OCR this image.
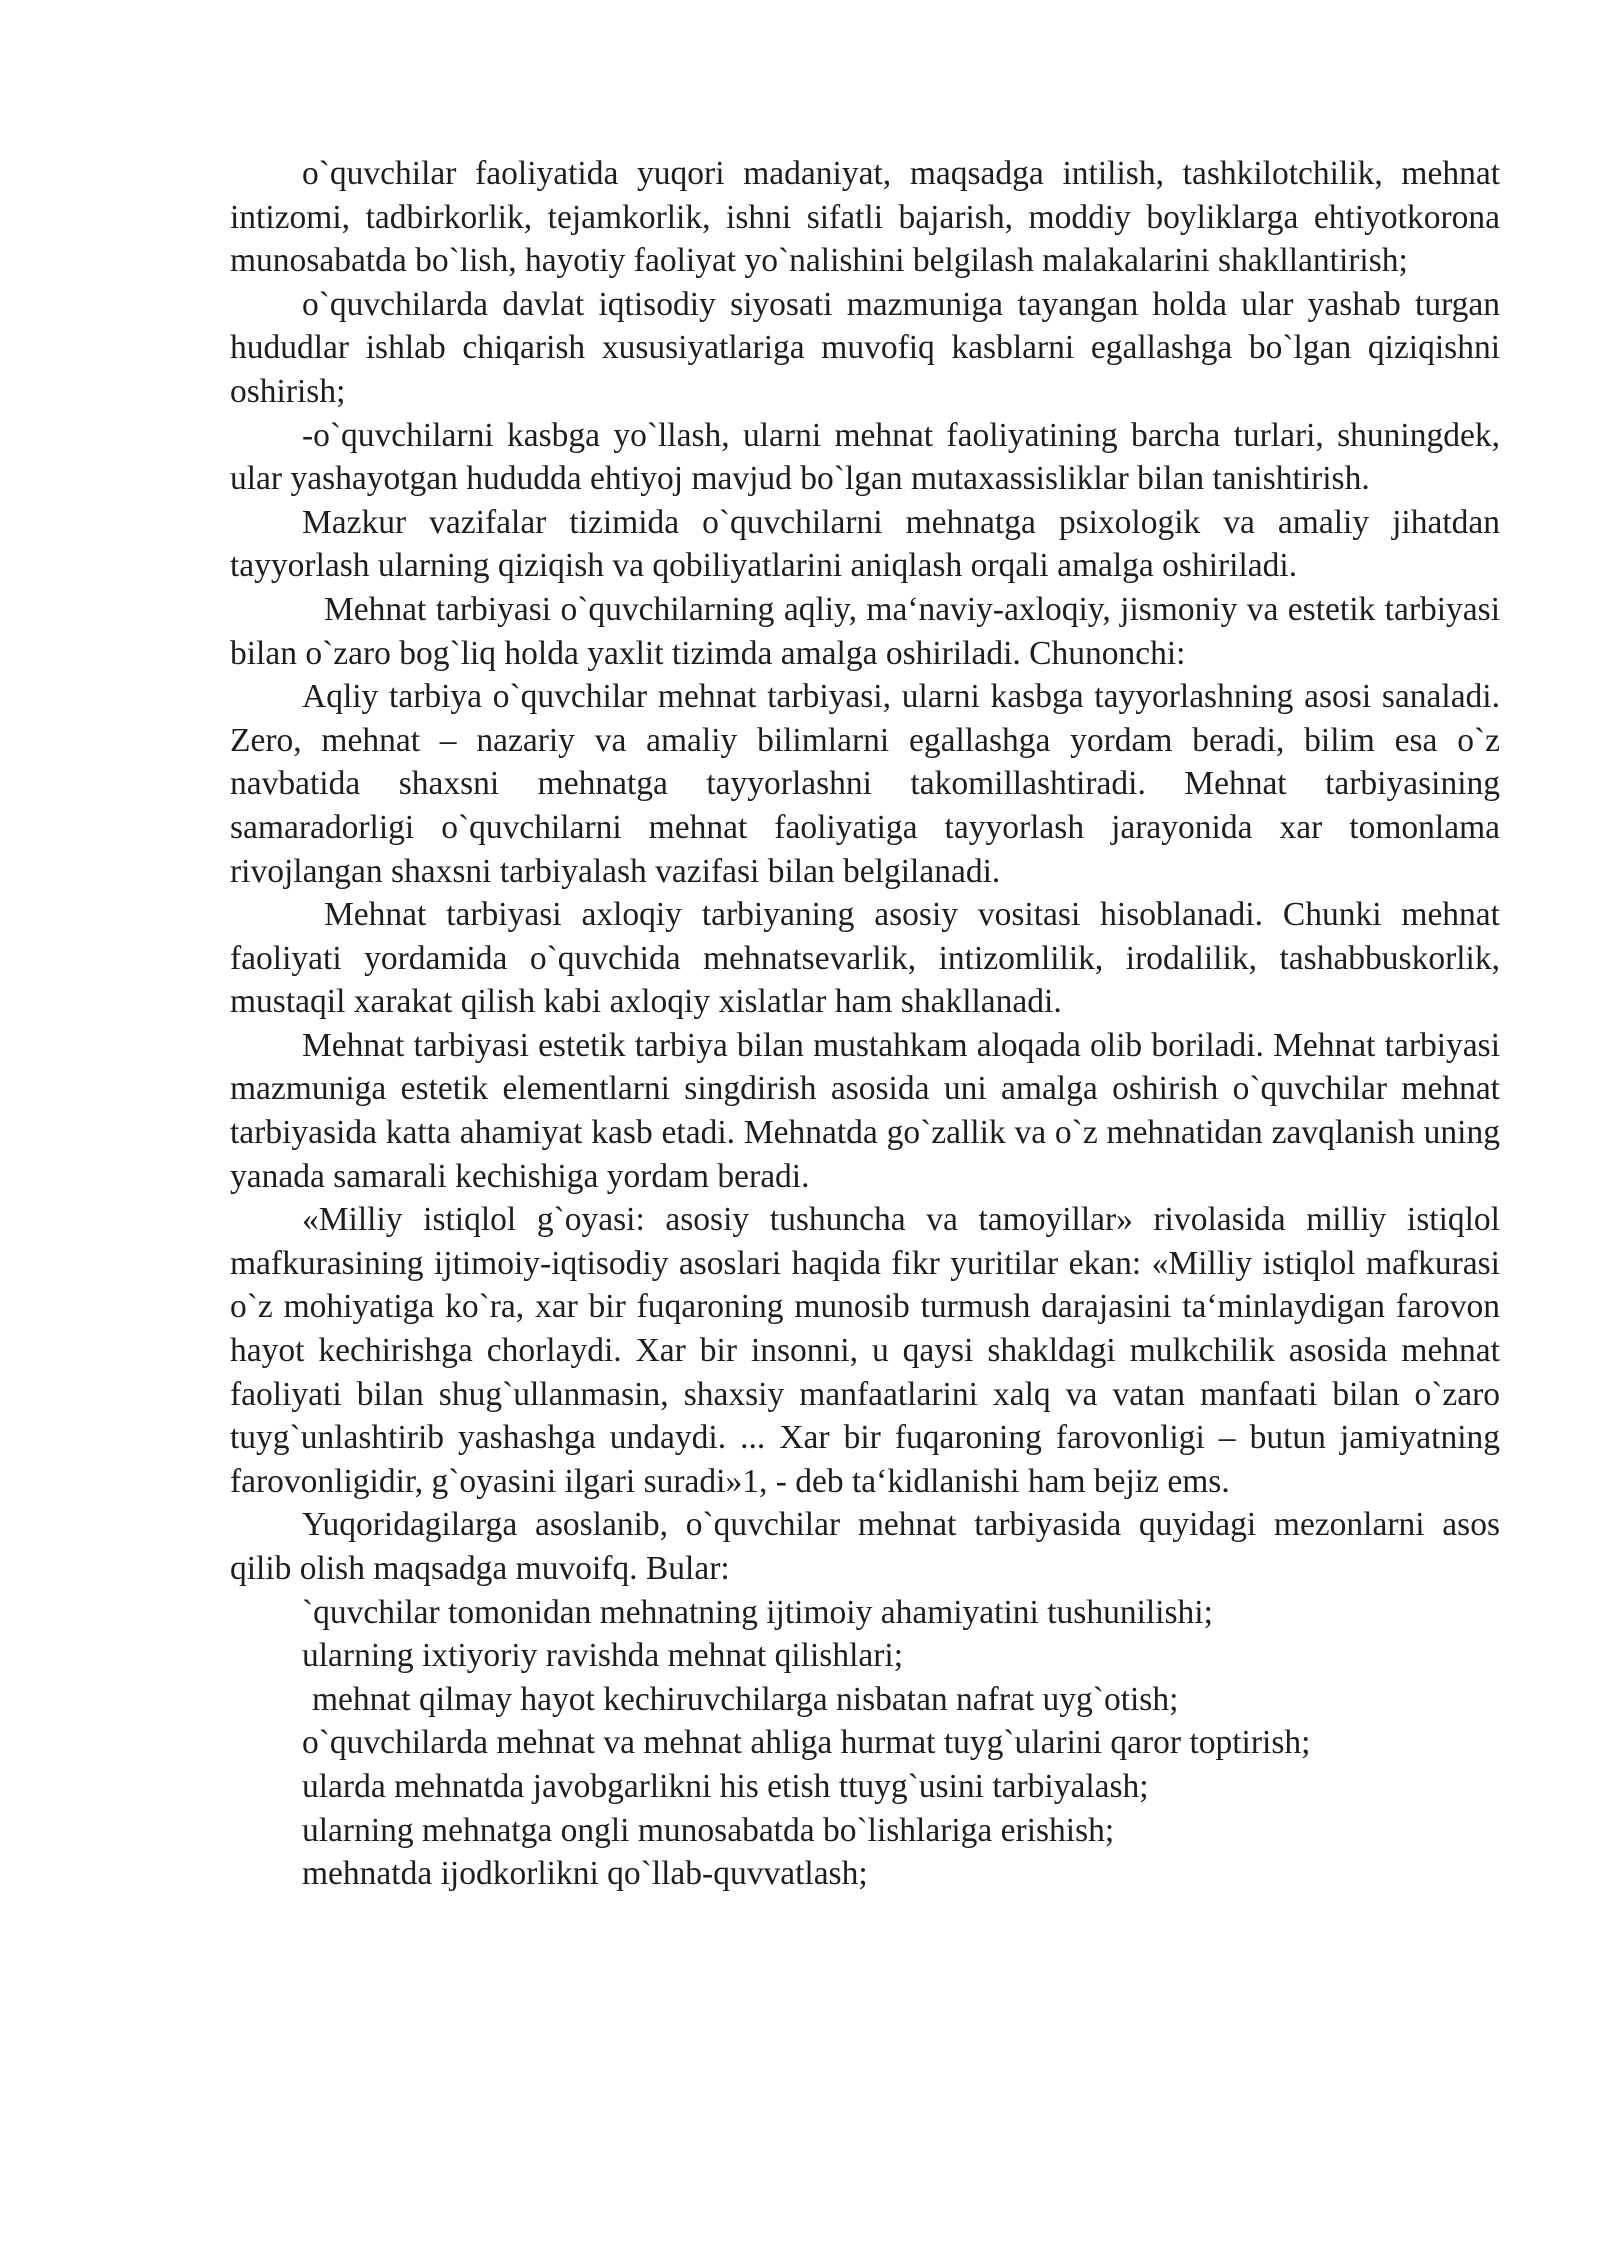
o`quvchilar faoliyatida yuqori madaniyat, maqsadga intilish, tashkilotchilik, mehnat intizomi, tadbirkorlik, tejamkorlik, ishni sifatli bajarish, moddiy boyliklarga ehtiyotkorona munosabatda bo`lish, hayotiy faoliyat yo`nalishini belgilash malakalarini shakllantirish;

o`quvchilarda davlat iqtisodiy siyosati mazmuniga tayangan holda ular yashab turgan hududlar ishlab chiqarish xususiyatlariga muvofiq kasblarni egallashga bo`lgan qiziqishni oshirish;

-o`quvchilarni kasbga yo`llash, ularni mehnat faoliyatining barcha turlari, shuningdek, ular yashayotgan hududda ehtiyoj mavjud bo`lgan mutaxassisliklar bilan tanishtirish.

Mazkur vazifalar tizimida o`quvchilarni mehnatga psixologik va amaliy jihatdan tayyorlash ularning qiziqish va qobiliyatlarini aniqlash orqali amalga oshiriladi.

Mehnat tarbiyasi o`quvchilarning aqliy, ma‘naviy-axloqiy, jismoniy va estetik tarbiyasi bilan o`zaro bog`liq holda yaxlit tizimda amalga oshiriladi. Chunonchi:

Aqliy tarbiya o`quvchilar mehnat tarbiyasi, ularni kasbga tayyorlashning asosi sanaladi. Zero, mehnat – nazariy va amaliy bilimlarni egallashga yordam beradi, bilim esa o`z navbatida shaxsni mehnatga tayyorlashni takomillashtiradi. Mehnat tarbiyasining samaradorligi o`quvchilarni mehnat faoliyatiga tayyorlash jarayonida xar tomonlama rivojlangan shaxsni tarbiyalash vazifasi bilan belgilanadi.

Mehnat tarbiyasi axloqiy tarbiyaning asosiy vositasi hisoblanadi. Chunki mehnat faoliyati yordamida o`quvchida mehnatsevarlik, intizomlilik, irodalilik, tashabbuskorlik, mustaqil xarakat qilish kabi axloqiy xislatlar ham shakllanadi.

Mehnat tarbiyasi estetik tarbiya bilan mustahkam aloqada olib boriladi. Mehnat tarbiyasi mazmuniga estetik elementlarni singdirish asosida uni amalga oshirish o`quvchilar mehnat tarbiyasida katta ahamiyat kasb etadi. Mehnatda go`zallik va o`z mehnatidan zavqlanish uning yanada samarali kechishiga yordam beradi.

«Milliy istiqlol g`oyasi: asosiy tushuncha va tamoyillar» rivolasida milliy istiqlol mafkurasining ijtimoiy-iqtisodiy asoslari haqida fikr yuritilar ekan: «Milliy istiqlol mafkurasi o`z mohiyatiga ko`ra, xar bir fuqaroning munosib turmush darajasini ta‘minlaydigan farovon hayot kechirishga chorlaydi. Xar bir insonni, u qaysi shakldagi mulkchilik asosida mehnat faoliyati bilan shug`ullanmasin, shaxsiy manfaatlarini xalq va vatan manfaati bilan o`zaro tuyg`unlashtirib yashashga undaydi. ... Xar bir fuqaroning farovonligi – butun jamiyatning farovonligidir, g`oyasini ilgari suradi»1, - deb ta‘kidlanishi ham bejiz ems.

Yuqoridagilarga asoslanib, o`quvchilar mehnat tarbiyasida quyidagi mezonlarni asos qilib olish maqsadga muvoifq. Bular:

`quvchilar tomonidan mehnatning ijtimoiy ahamiyatini tushunilishi;
ularning ixtiyoriy ravishda mehnat qilishlari;
mehnat qilmay hayot kechiruvchilarga nisbatan nafrat uyg`otish;
o`quvchilarda mehnat va mehnat ahliga hurmat tuyg`ularini qaror toptirish;
ularda mehnatda javobgarlikni his etish ttuyg`usini tarbiyalash;
ularning mehnatga ongli munosabatda bo`lishlariga erishish;
mehnatda ijodkorlikni qo`llab-quvvatlash;
